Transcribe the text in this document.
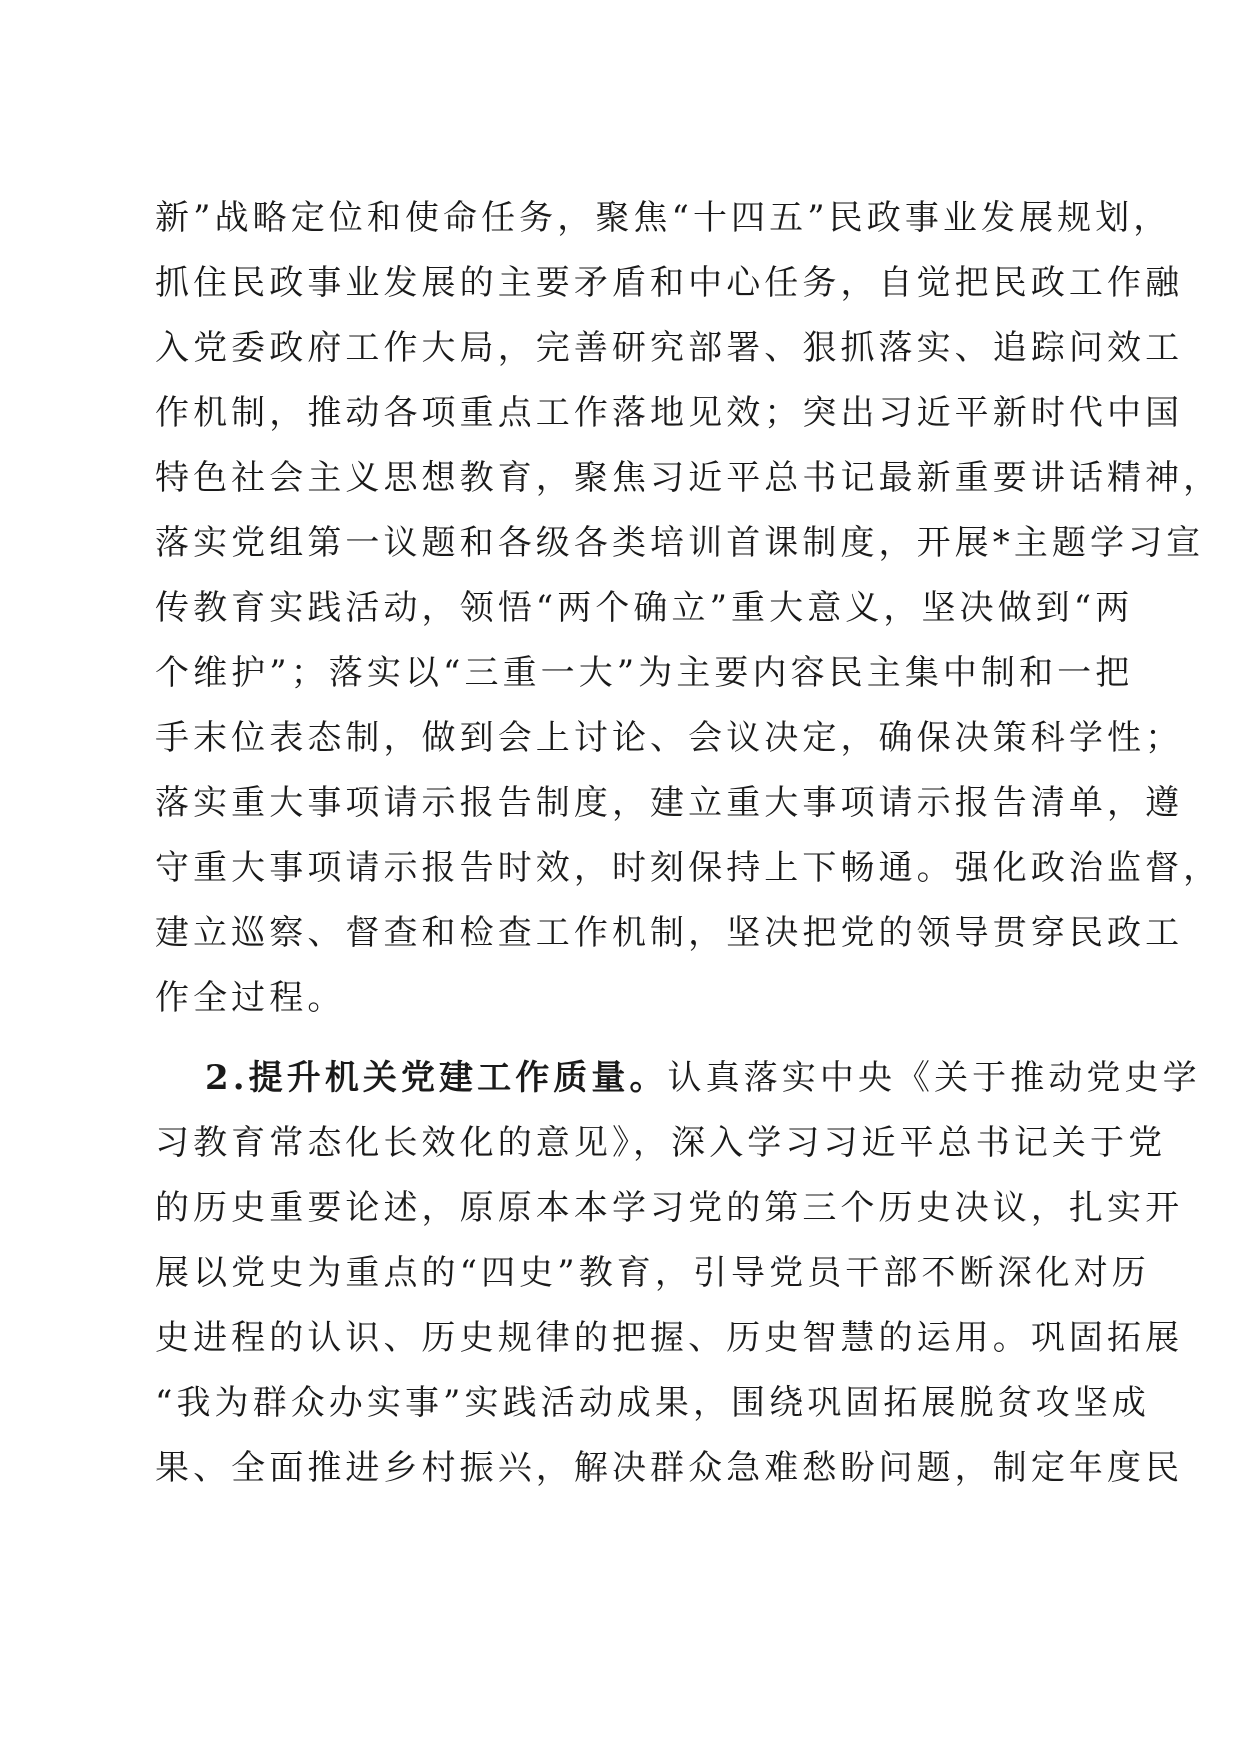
新”战略定位和使命任务，聚焦“十四五”民政事业发展规划，
抓住民政事业发展的主要矛盾和中心任务，自觉把民政工作融
入党委政府工作大局，完善研究部署、狠抓落实、追踪问效工
作机制，推动各项重点工作落地见效；突出习近平新时代中国
特色社会主义思想教育，聚焦习近平总书记最新重要讲话精神，
落实党组第一议题和各级各类培训首课制度，开展*主题学习宣
传教育实践活动，领悟“两个确立”重大意义，坚决做到“两
个维护”；落实以“三重一大”为主要内容民主集中制和一把
手末位表态制，做到会上讨论、会议决定，确保决策科学性；
落实重大事项请示报告制度，建立重大事项请示报告清单，遵
守重大事项请示报告时效，时刻保持上下畅通。强化政治监督，
建立巡察、督查和检查工作机制，坚决把党的领导贯穿民政工
作全过程。
2.提升机关党建工作质量。认真落实中央《关于推动党史学
习教育常态化长效化的意见》，深入学习习近平总书记关于党
的历史重要论述，原原本本学习党的第三个历史决议，扎实开
展以党史为重点的“四史”教育，引导党员干部不断深化对历
史进程的认识、历史规律的把握、历史智慧的运用。巩固拓展
“我为群众办实事”实践活动成果，围绕巩固拓展脱贫攻坚成
果、全面推进乡村振兴，解决群众急难愁盼问题，制定年度民
